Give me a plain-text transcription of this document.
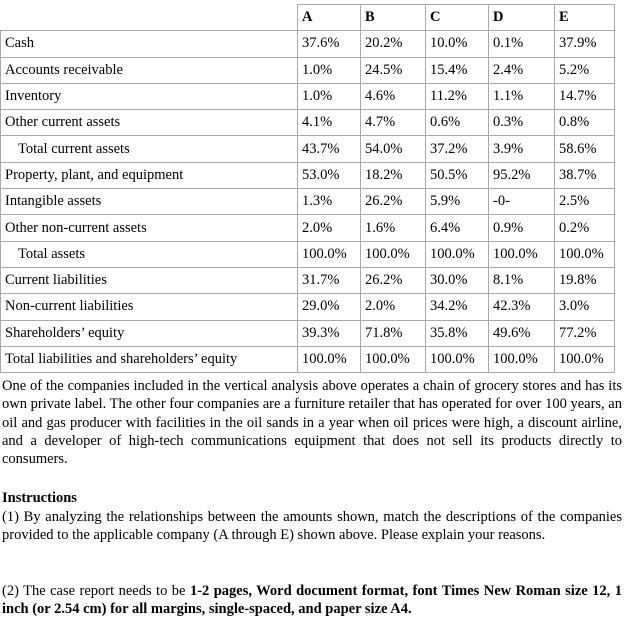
	A	B	C	D	E
Cash	37.6%	20.2%	10.0%	0.1%	37.9%
Accounts receivable	1.0%	24.5%	15.4%	2.4%	5.2%
Inventory	1.0%	4.6%	11.2%	1.1%	14.7%
Other current assets	4.1%	4.7%	0.6%	0.3%	0.8%
Total current assets	43.7%	54.0%	37.2%	3.9%	58.6%
Property, plant, and equipment	53.0%	18.2%	50.5%	95.2%	38.7%
Intangible assets	1.3%	26.2%	5.9%	-0-	2.5%
Other non-current assets	2.0%	1.6%	6.4%	0.9%	0.2%
Total assets	100.0%	100.0%	100.0%	100.0%	100.0%
Current liabilities	31.7%	26.2%	30.0%	8.1%	19.8%
Non-current liabilities	29.0%	2.0%	34.2%	42.3%	3.0%
Shareholders’ equity	39.3%	71.8%	35.8%	49.6%	77.2%
Total liabilities and shareholders’ equity	100.0%	100.0%	100.0%	100.0%	100.0%

One of the companies included in the vertical analysis above operates a chain of grocery stores and has its own private label. The other four companies are a furniture retailer that has operated for over 100 years, an oil and gas producer with facilities in the oil sands in a year when oil prices were high, a discount airline, and a developer of high-tech communications equipment that does not sell its products directly to consumers.

Instructions

(1) By analyzing the relationships between the amounts shown, match the descriptions of the companies provided to the applicable company (A through E) shown above. Please explain your reasons.

(2) The case report needs to be 1-2 pages, Word document format, font Times New Roman size 12, 1 inch (or 2.54 cm) for all margins, single-spaced, and paper size A4.
